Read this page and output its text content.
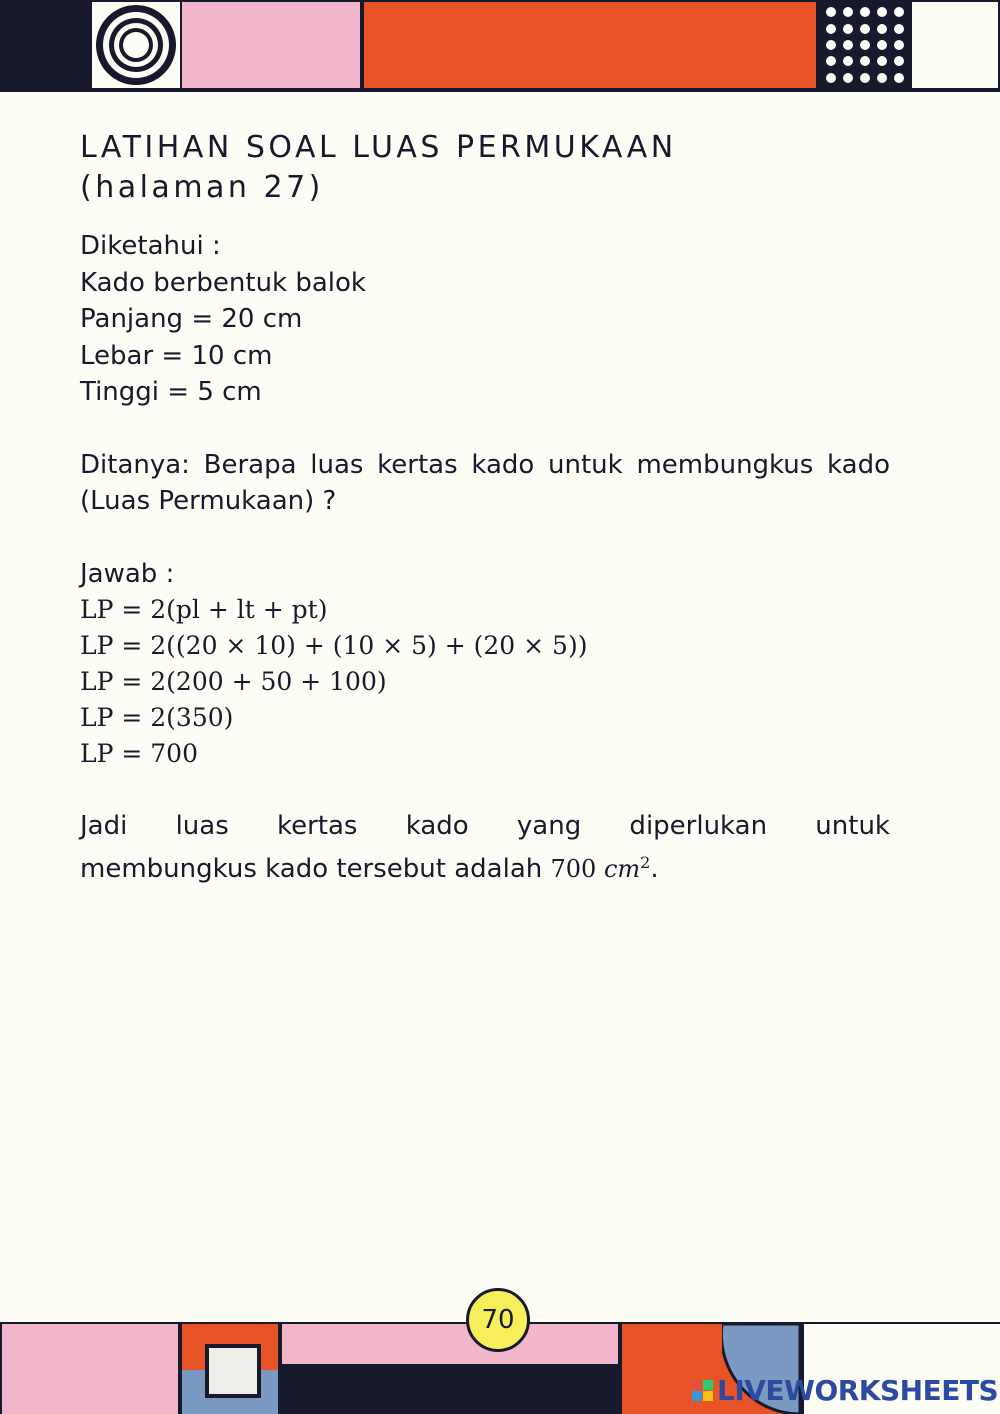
LATIHAN SOAL LUAS PERMUKAAN
(halaman 27)
Diketahui :
Kado berbentuk balok
Panjang = 20 cm
Lebar = 10 cm
Tinggi = 5 cm
Ditanya: Berapa luas kertas kado untuk membungkus kado (Luas Permukaan) ?
Jawab :
LP = 2(pl + lt + pt)
LP = 2((20 × 10) + (10 × 5) + (20 × 5))
LP = 2(200 + 50 + 100)
LP = 2(350)
LP = 700
Jadi luas kertas kado yang diperlukan untuk
membungkus kado tersebut adalah 700 $cm^2$.
70
LIVEWORKSHEETS
